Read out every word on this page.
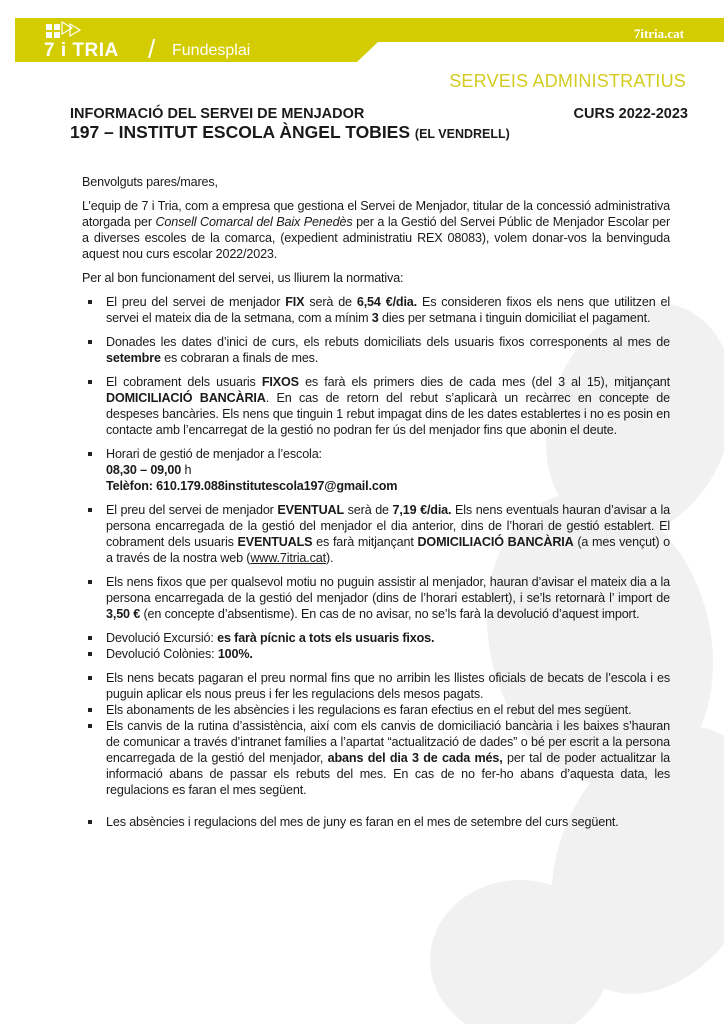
7 i TRIA / Fundesplai
7itria.cat
SERVEIS ADMINISTRATIUS
INFORMACIÓ DEL SERVEI DE MENJADOR	CURS 2022-2023
197 – INSTITUT ESCOLA ÀNGEL TOBIES (EL VENDRELL)

Benvolguts pares/mares,

L’equip de 7 i Tria, com a empresa que gestiona el Servei de Menjador, titular de la concessió administrativa atorgada per Consell Comarcal del Baix Penedès per a la Gestió del Servei Públic de Menjador Escolar per a diverses escoles de la comarca, (expedient administratiu REX 08083), volem donar-vos la benvinguda aquest nou curs escolar 2022/2023.

Per al bon funcionament del servei, us lliurem la normativa:

El preu del servei de menjador FIX serà de 6,54 €/dia. Es consideren fixos els nens que utilitzen el servei el mateix dia de la setmana, com a mínim 3 dies per setmana i tinguin domiciliat el pagament.
Donades les dates d’inici de curs, els rebuts domiciliats dels usuaris fixos corresponents al mes de setembre es cobraran a finals de mes.
El cobrament dels usuaris FIXOS es farà els primers dies de cada mes (del 3 al 15), mitjançant DOMICILIACIÓ BANCÀRIA. En cas de retorn del rebut s’aplicarà un recàrrec en concepte de despeses bancàries. Els nens que tinguin 1 rebut impagat dins de les dates establertes i no es posin en contacte amb l’encarregat de la gestió no podran fer ús del menjador fins que abonin el deute.
Horari de gestió de menjador a l’escola:
08,30 – 09,00 h
Telèfon: 610.179.088institutescola197@gmail.com
El preu del servei de menjador EVENTUAL serà de 7,19 €/dia. Els nens eventuals hauran d’avisar a la persona encarregada de la gestió del menjador el dia anterior, dins de l’horari de gestió establert. El cobrament dels usuaris EVENTUALS es farà mitjançant DOMICILIACIÓ BANCÀRIA (a mes vençut) o a través de la nostra web (www.7itria.cat).
Els nens fixos que per qualsevol motiu no puguin assistir al menjador, hauran d’avisar el mateix dia a la persona encarregada de la gestió del menjador (dins de l’horari establert), i se’ls retornarà l’ import de 3,50 € (en concepte d’absentisme). En cas de no avisar, no se’ls farà la devolució d’aquest import.
Devolució Excursió: es farà pícnic a tots els usuaris fixos.
Devolució Colònies: 100%.
Els nens becats pagaran el preu normal fins que no arribin les llistes oficials de becats de l’escola i es puguin aplicar els nous preus i fer les regulacions dels mesos pagats.
Els abonaments de les absències i les regulacions es faran efectius en el rebut del mes següent.
Els canvis de la rutina d’assistència, així com els canvis de domiciliació bancària i les baixes s’hauran de comunicar a través d’intranet famílies a l’apartat “actualització de dades” o bé per escrit a la persona encarregada de la gestió del menjador, abans del dia 3 de cada més, per tal de poder actualitzar la informació abans de passar els rebuts del mes. En cas de no fer-ho abans d’aquesta data, les regulacions es faran el mes següent.
Les absències i regulacions del mes de juny es faran en el mes de setembre del curs següent.
